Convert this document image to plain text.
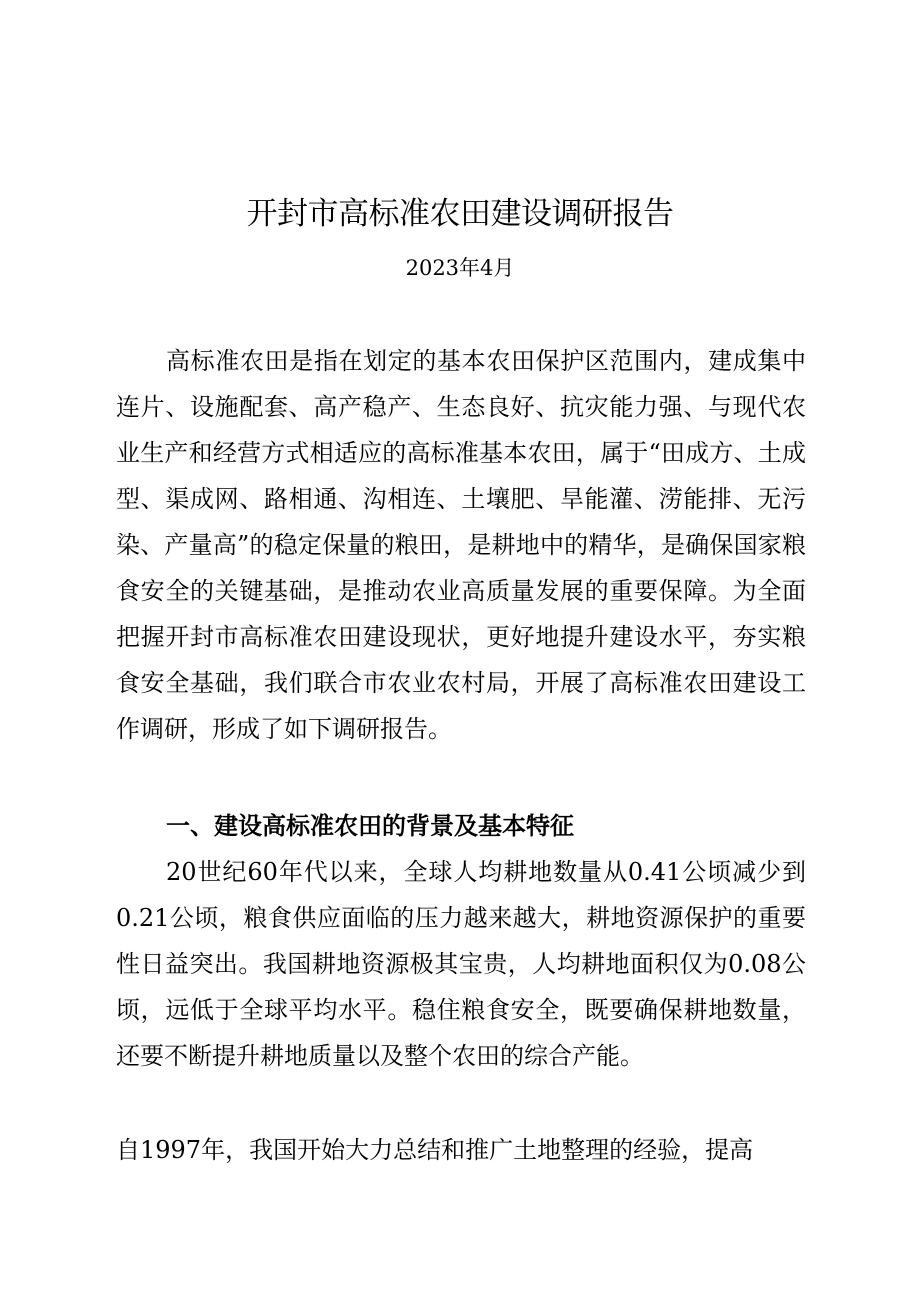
开封市高标准农田建设调研报告
2023年4月
高标准农田是指在划定的基本农田保护区范围内，建成集中连片、设施配套、高产稳产、生态良好、抗灾能力强、与现代农业生产和经营方式相适应的高标准基本农田，属于“田成方、土成型、渠成网、路相通、沟相连、土壤肥、旱能灌、涝能排、无污染、产量高”的稳定保量的粮田，是耕地中的精华，是确保国家粮食安全的关键基础，是推动农业高质量发展的重要保障。为全面把握开封市高标准农田建设现状，更好地提升建设水平，夯实粮食安全基础，我们联合市农业农村局，开展了高标准农田建设工作调研，形成了如下调研报告。
一、建设高标准农田的背景及基本特征
20世纪60年代以来，全球人均耕地数量从0.41公顷减少到0.21公顷，粮食供应面临的压力越来越大，耕地资源保护的重要性日益突出。我国耕地资源极其宝贵，人均耕地面积仅为0.08公顷，远低于全球平均水平。稳住粮食安全，既要确保耕地数量，还要不断提升耕地质量以及整个农田的综合产能。
自1997年，我国开始大力总结和推广土地整理的经验，提高
